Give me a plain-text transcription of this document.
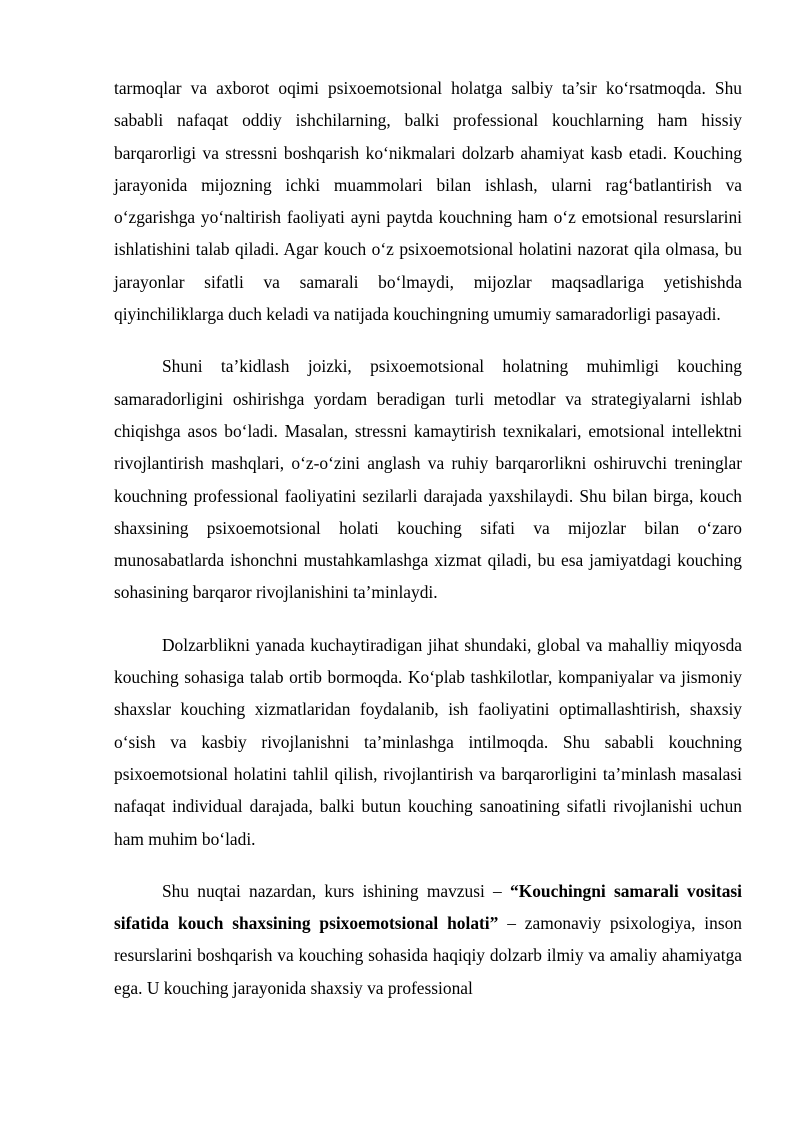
tarmoqlar va axborot oqimi psixoemotsional holatga salbiy ta’sir ko‘rsatmoqda. Shu sababli nafaqat oddiy ishchilarning, balki professional kouchlarning ham hissiy barqarorligi va stressni boshqarish ko‘nikmalari dolzarb ahamiyat kasb etadi. Kouching jarayonida mijozning ichki muammolari bilan ishlash, ularni rag‘batlantirish va o‘zgarishga yo‘naltirish faoliyati ayni paytda kouchning ham o‘z emotsional resurslarini ishlatishini talab qiladi. Agar kouch o‘z psixoemotsional holatini nazorat qila olmasa, bu jarayonlar sifatli va samarali bo‘lmaydi, mijozlar maqsadlariga yetishishda qiyinchiliklarga duch keladi va natijada kouchingning umumiy samaradorligi pasayadi.

Shuni ta’kidlash joizki, psixoemotsional holatning muhimligi kouching samaradorligini oshirishga yordam beradigan turli metodlar va strategiyalarni ishlab chiqishga asos bo‘ladi. Masalan, stressni kamaytirish texnikalari, emotsional intellektni rivojlantirish mashqlari, o‘z-o‘zini anglash va ruhiy barqarorlikni oshiruvchi treninglar kouchning professional faoliyatini sezilarli darajada yaxshilaydi. Shu bilan birga, kouch shaxsining psixoemotsional holati kouching sifati va mijozlar bilan o‘zaro munosabatlarda ishonchni mustahkamlashga xizmat qiladi, bu esa jamiyatdagi kouching sohasining barqaror rivojlanishini ta’minlaydi.

Dolzarblikni yanada kuchaytiradigan jihat shundaki, global va mahalliy miqyosda kouching sohasiga talab ortib bormoqda. Ko‘plab tashkilotlar, kompaniyalar va jismoniy shaxslar kouching xizmatlaridan foydalanib, ish faoliyatini optimallashtirish, shaxsiy o‘sish va kasbiy rivojlanishni ta’minlashga intilmoqda. Shu sababli kouchning psixoemotsional holatini tahlil qilish, rivojlantirish va barqarorligini ta’minlash masalasi nafaqat individual darajada, balki butun kouching sanoatining sifatli rivojlanishi uchun ham muhim bo‘ladi.

Shu nuqtai nazardan, kurs ishining mavzusi – “Kouchingni samarali vositasi sifatida kouch shaxsining psixoemotsional holati” – zamonaviy psixologiya, inson resurslarini boshqarish va kouching sohasida haqiqiy dolzarb ilmiy va amaliy ahamiyatga ega. U kouching jarayonida shaxsiy va professional
